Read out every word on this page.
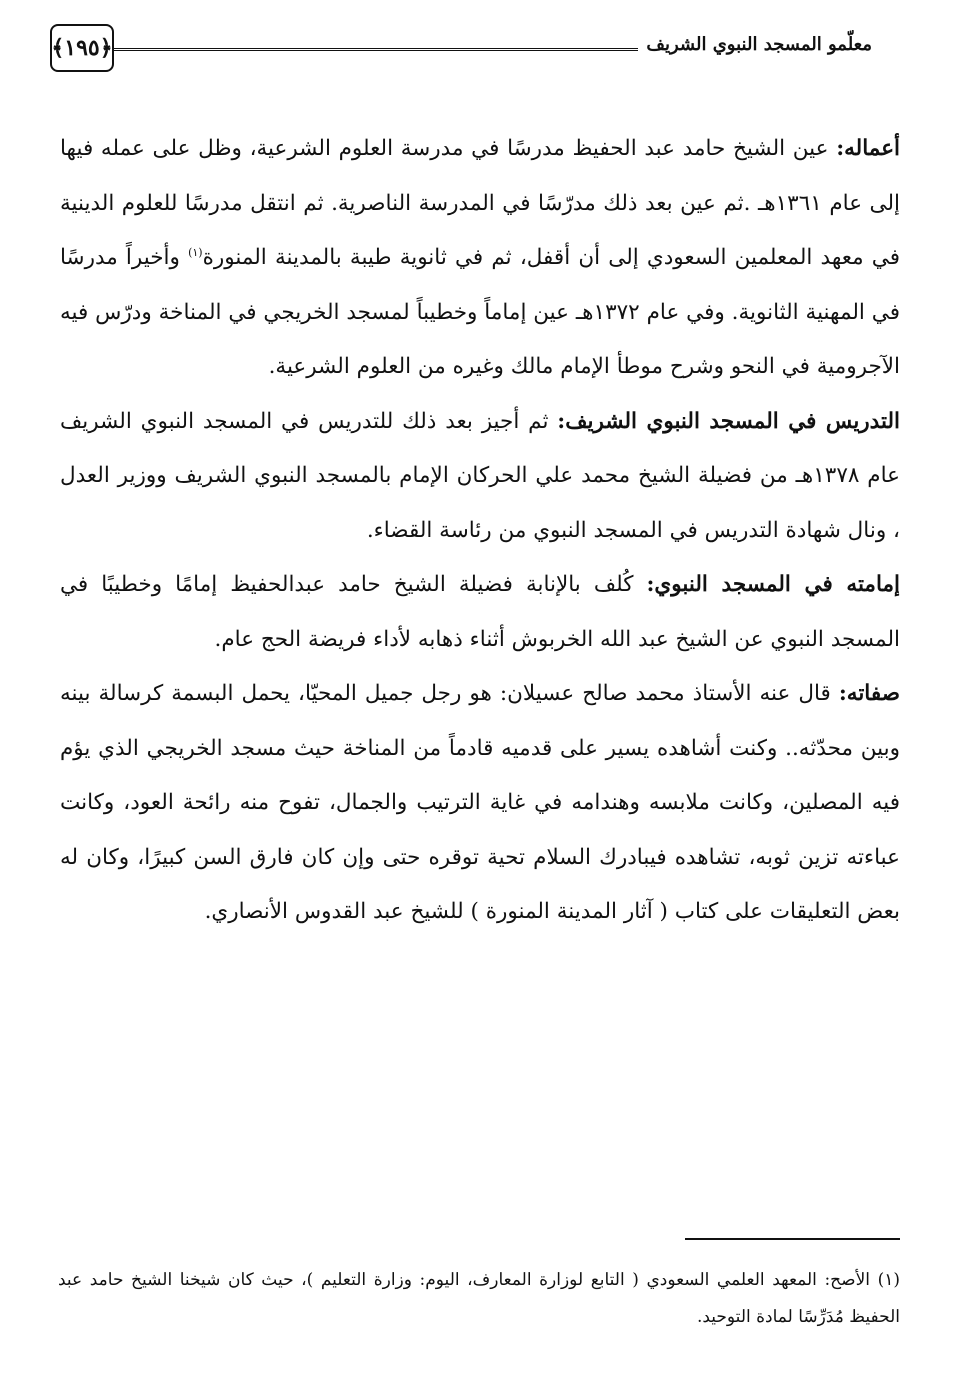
معلّمو المسجد النبوي الشريف
﴿١٩٥﴾

أعماله: عين الشيخ حامد عبد الحفيظ مدرسًا في مدرسة العلوم الشرعية، وظل على عمله فيها إلى عام ١٣٦١هـ .ثم عين بعد ذلك مدرّسًا في المدرسة الناصرية. ثم انتقل مدرسًا للعلوم الدينية في معهد المعلمين السعودي إلى أن أقفل، ثم في ثانوية طيبة بالمدينة المنورة$^{(١)}$ وأخيراً مدرسًا في المهنية الثانوية. وفي عام ١٣٧٢هـ عين إماماً وخطيباً لمسجد الخريجي في المناخة ودرّس فيه الآجرومية في النحو وشرح موطأ الإمام مالك وغيره من العلوم الشرعية.

التدريس في المسجد النبوي الشريف: ثم أجيز بعد ذلك للتدريس في المسجد النبوي الشريف عام ١٣٧٨هـ من فضيلة الشيخ محمد علي الحركان الإمام بالمسجد النبوي الشريف ووزير العدل ، ونال شهادة التدريس في المسجد النبوي من رئاسة القضاء.

إمامته في المسجد النبوي: كُلف بالإنابة فضيلة الشيخ حامد عبدالحفيظ إمامًا وخطيبًا في المسجد النبوي عن الشيخ عبد الله الخربوش أثناء ذهابه لأداء فريضة الحج عام.

صفاته: قال عنه الأستاذ محمد صالح عسيلان: هو رجل جميل المحيّا، يحمل البسمة كرسالة بينه وبين محدّثه.. وكنت أشاهده يسير على قدميه قادماً من المناخة حيث مسجد الخريجي الذي يؤم فيه المصلين، وكانت ملابسه وهندامه في غاية الترتيب والجمال، تفوح منه رائحة العود، وكانت عباءته تزين ثوبه، تشاهده فيبادرك السلام تحية توقره حتى وإن كان فارق السن كبيرًا، وكان له بعض التعليقات على كتاب ( آثار المدينة المنورة ) للشيخ عبد القدوس الأنصاري.

(١) الأصح: المعهد العلمي السعودي ( التابع لوزارة المعارف، اليوم: وزارة التعليم )، حيث كان شيخنا الشيخ حامد عبد الحفيظ مُدَرِّسًا لمادة التوحيد.
